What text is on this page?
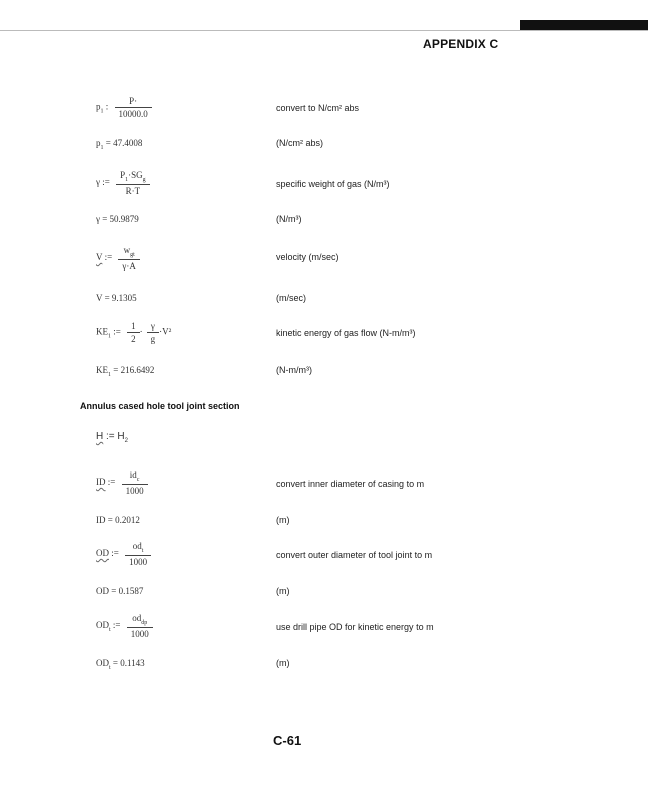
APPENDIX C
$p_1$ : $\frac{P\cdot}{10000.0}$	convert to N/cm² abs
$p_1 = 47.4008$	(N/cm² abs)
γ := $\frac{P_1\cdot SG_g}{R\cdot T}$	specific weight of gas (N/m³)
γ = 50.9879	(N/m³)
V := $\frac{w_{gt}}{\gamma\cdot A}$	velocity (m/sec)
V = 9.1305	(m/sec)
$KE_1$ := $\frac{1}{2} \cdot \frac{\gamma}{g} \cdot V^2$	kinetic energy of gas flow (N-m/m³)
$KE_1 = 216.6492$	(N-m/m³)
Annulus cased hole tool joint section
H := $H_2$
ID := $\frac{id_c}{1000}$	convert inner diameter of casing to m
ID = 0.2012	(m)
OD := $\frac{od_t}{1000}$	convert outer diameter of tool joint to m
OD = 0.1587	(m)
$OD_t$ := $\frac{od_{dp}}{1000}$	use drill pipe OD for kinetic energy to m
$OD_t = 0.1143$	(m)
C-61
